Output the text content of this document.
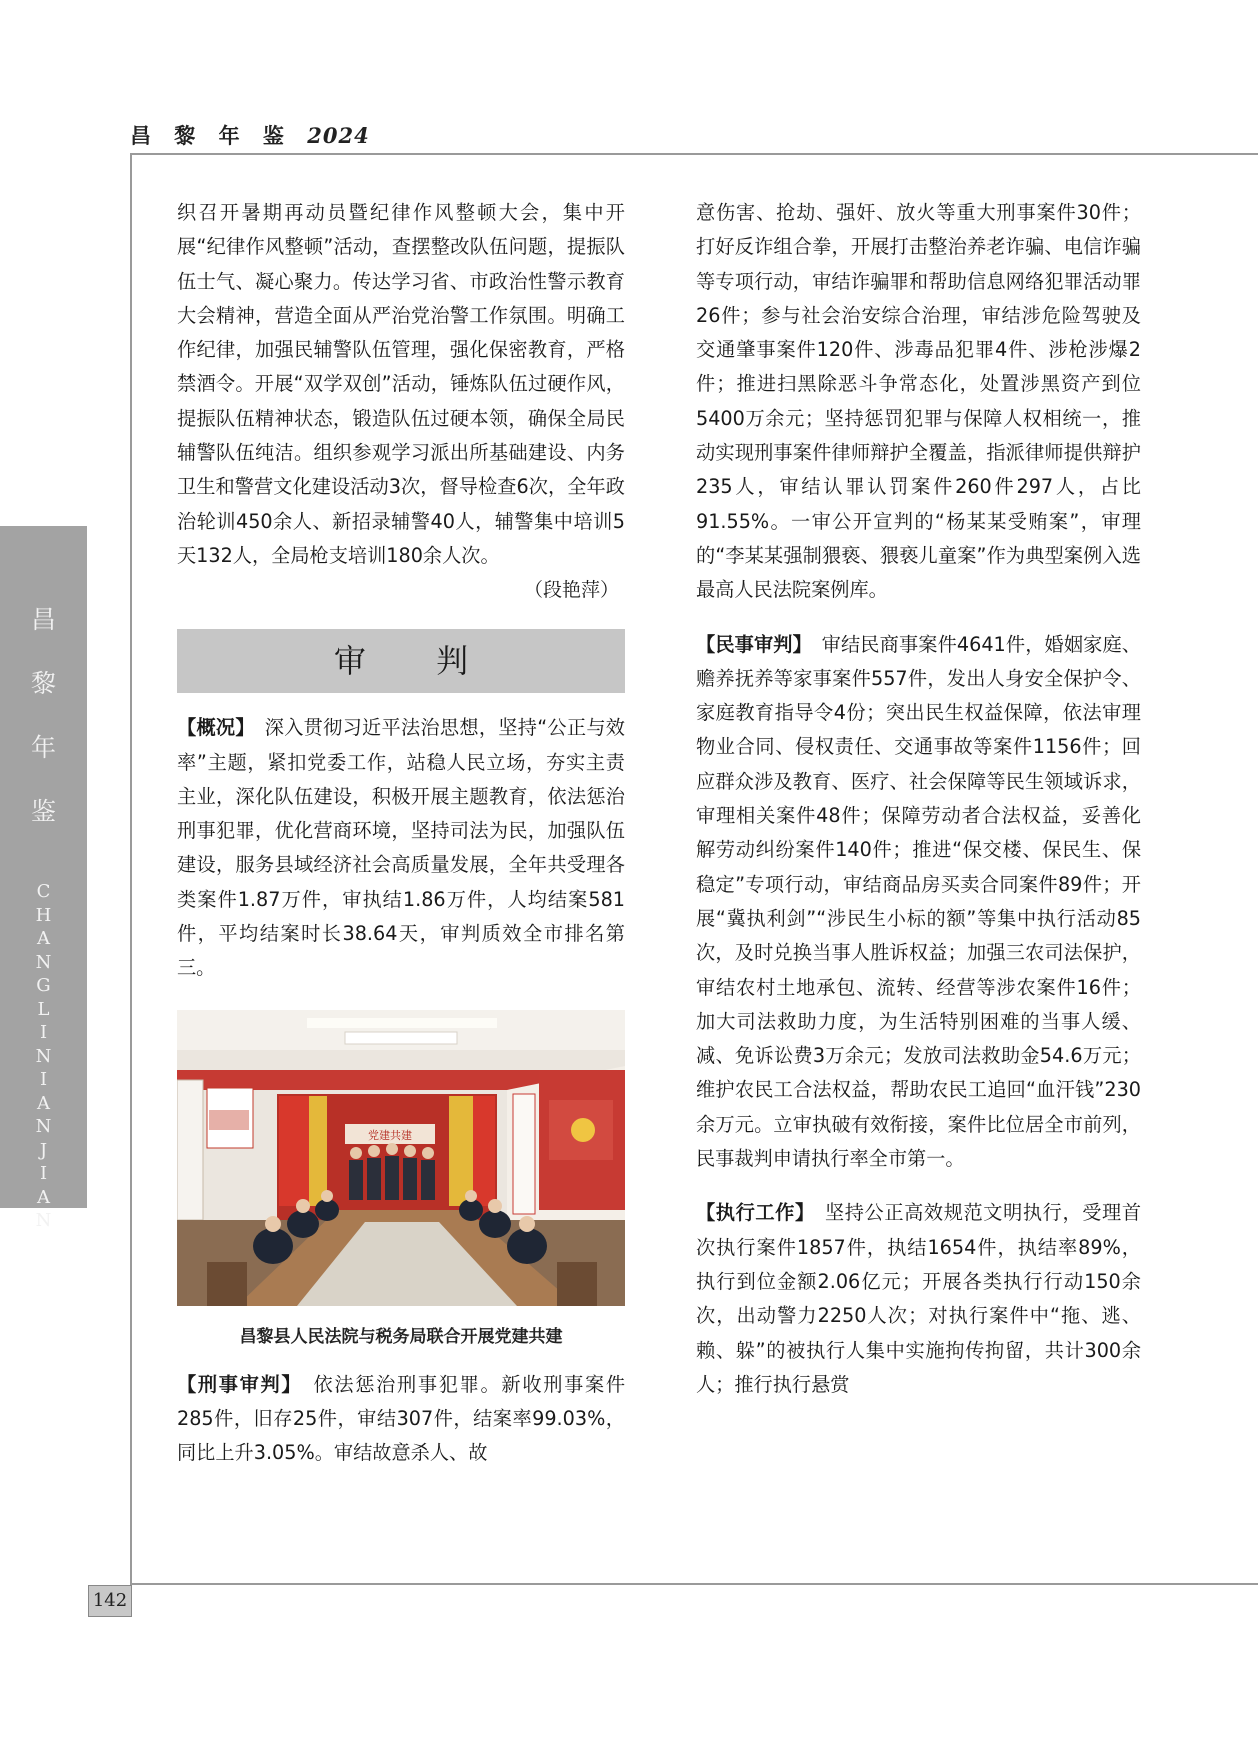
昌 黎 年 鉴 2024
昌
黎
年
鉴
C
H
A
N
G
L
I
N
I
A
N
J
I
A
N
142

织召开暑期再动员暨纪律作风整顿大会，集中开展“纪律作风整顿”活动，查摆整改队伍问题，提振队伍士气、凝心聚力。传达学习省、市政治性警示教育大会精神，营造全面从严治党治警工作氛围。明确工作纪律，加强民辅警队伍管理，强化保密教育，严格禁酒令。开展“双学双创”活动，锤炼队伍过硬作风，提振队伍精神状态，锻造队伍过硬本领，确保全局民辅警队伍纯洁。组织参观学习派出所基础建设、内务卫生和警营文化建设活动3次，督导检查6次，全年政治轮训450余人、新招录辅警40人，辅警集中培训5天132人，全局枪支培训180余人次。

（段艳萍）

审 判

【概况】　深入贯彻习近平法治思想，坚持“公正与效率”主题，紧扣党委工作，站稳人民立场，夯实主责主业，深化队伍建设，积极开展主题教育，依法惩治刑事犯罪，优化营商环境，坚持司法为民，加强队伍建设，服务县域经济社会高质量发展，全年共受理各类案件1.87万件，审执结1.86万件，人均结案581件，平均结案时长38.64天，审判质效全市排名第三。

党建共建
昌黎县人民法院与税务局联合开展党建共建

【刑事审判】　依法惩治刑事犯罪。新收刑事案件285件，旧存25件，审结307件，结案率99.03%，同比上升3.05%。审结故意杀人、故

意伤害、抢劫、强奸、放火等重大刑事案件30件；打好反诈组合拳，开展打击整治养老诈骗、电信诈骗等专项行动，审结诈骗罪和帮助信息网络犯罪活动罪26件；参与社会治安综合治理，审结涉危险驾驶及交通肇事案件120件、涉毒品犯罪4件、涉枪涉爆2件；推进扫黑除恶斗争常态化，处置涉黑资产到位5400万余元；坚持惩罚犯罪与保障人权相统一，推动实现刑事案件律师辩护全覆盖，指派律师提供辩护235人，审结认罪认罚案件260件297人，占比91.55%。一审公开宣判的“杨某某受贿案”，审理的“李某某强制猥亵、猥亵儿童案”作为典型案例入选最高人民法院案例库。

【民事审判】　审结民商事案件4641件，婚姻家庭、赡养抚养等家事案件557件，发出人身安全保护令、家庭教育指导令4份；突出民生权益保障，依法审理物业合同、侵权责任、交通事故等案件1156件；回应群众涉及教育、医疗、社会保障等民生领域诉求，审理相关案件48件；保障劳动者合法权益，妥善化解劳动纠纷案件140件；推进“保交楼、保民生、保稳定”专项行动，审结商品房买卖合同案件89件；开展“冀执利剑”“涉民生小标的额”等集中执行活动85次，及时兑换当事人胜诉权益；加强三农司法保护，审结农村土地承包、流转、经营等涉农案件16件；加大司法救助力度，为生活特别困难的当事人缓、减、免诉讼费3万余元；发放司法救助金54.6万元；维护农民工合法权益，帮助农民工追回“血汗钱”230余万元。立审执破有效衔接，案件比位居全市前列，民事裁判申请执行率全市第一。

【执行工作】　坚持公正高效规范文明执行，受理首次执行案件1857件，执结1654件，执结率89%，执行到位金额2.06亿元；开展各类执行行动150余次，出动警力2250人次；对执行案件中“拖、逃、赖、躲”的被执行人集中实施拘传拘留，共计300余人；推行执行悬赏
